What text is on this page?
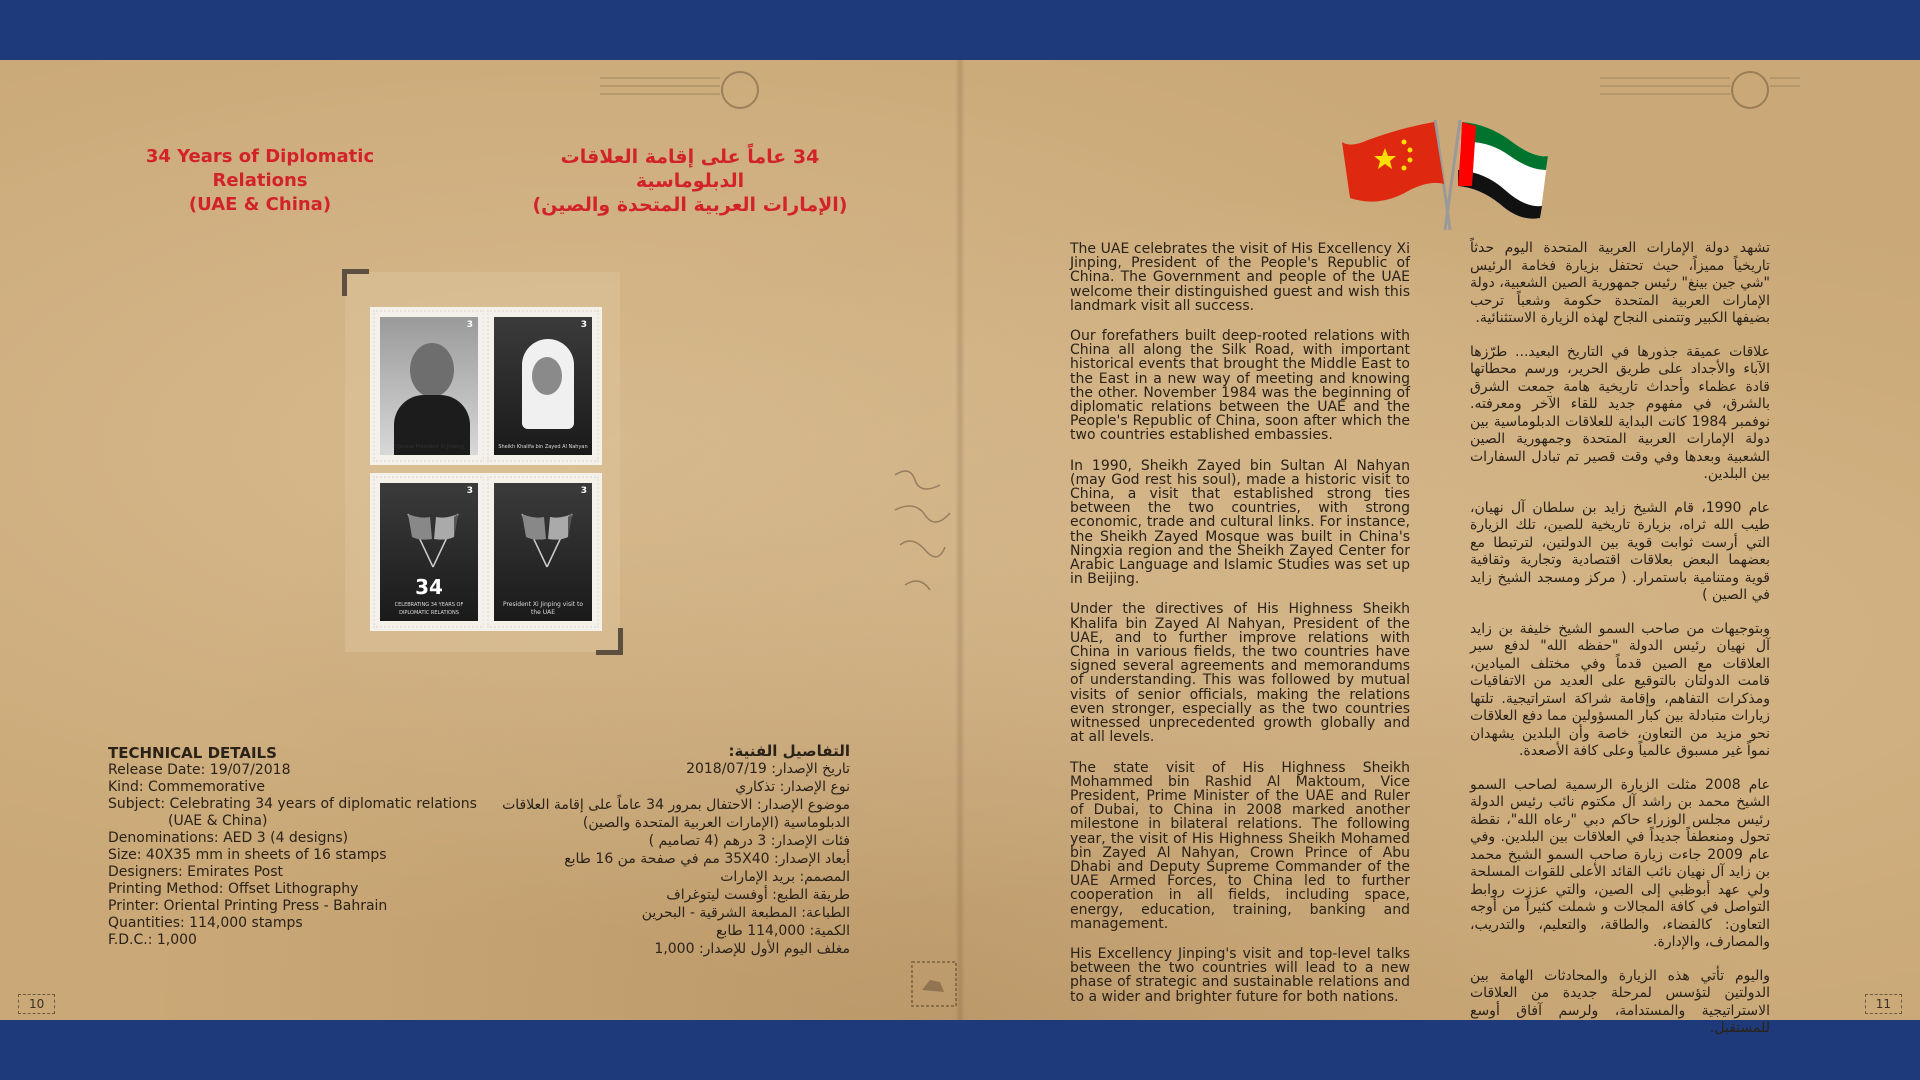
34 Years of Diplomatic Relations
(UAE & China)
34 عاماً على إقامة العلاقات الدبلوماسية
(الإمارات العربية المتحدة والصين)
3
Chinese President Xi Jinping
3
Sheikh Khalifa bin Zayed Al Nahyan
3
34
CELEBRATING 34 YEARS OF DIPLOMATIC RELATIONS
3
President Xi Jinping visit to the UAE
TECHNICAL DETAILS
Release Date: 19/07/2018
Kind: Commemorative
Subject: Celebrating 34 years of diplomatic relations
(UAE & China)
Denominations: AED 3 (4 designs)
Size: 40X35 mm in sheets of 16 stamps
Designers: Emirates Post
Printing Method: Offset Lithography
Printer: Oriental Printing Press - Bahrain
Quantities: 114,000 stamps
F.D.C.: 1,000
التفاصيل الفنية:
تاريخ الإصدار: 2018/07/19
نوع الإصدار: تذكاري
موضوع الإصدار: الاحتفال بمرور 34 عاماً على إقامة العلاقات الدبلوماسية (الإمارات العربية المتحدة والصين)
فئات الإصدار: 3 درهم (4 تصاميم )
أبعاد الإصدار: 35X40 مم في صفحة من 16 طابع
المصمم: بريد الإمارات
طريقة الطبع: أوفست ليتوغراف
الطباعة: المطبعة الشرقية - البحرين
الكمية: 114,000 طابع
مغلف اليوم الأول للإصدار: 1,000
10

The UAE celebrates the visit of His Excellency Xi Jinping, President of the People's Republic of China. The Government and people of the UAE welcome their distinguished guest and wish this landmark visit all success.

Our forefathers built deep-rooted relations with China all along the Silk Road, with important historical events that brought the Middle East to the East in a new way of meeting and knowing the other. November 1984 was the beginning of diplomatic relations between the UAE and the People's Republic of China, soon after which the two countries established embassies.

In 1990, Sheikh Zayed bin Sultan Al Nahyan (may God rest his soul), made a historic visit to China, a visit that established strong ties between the two countries, with strong economic, trade and cultural links. For instance, the Sheikh Zayed Mosque was built in China's Ningxia region and the Sheikh Zayed Center for Arabic Language and Islamic Studies was set up in Beijing.

Under the directives of His Highness Sheikh Khalifa bin Zayed Al Nahyan, President of the UAE, and to further improve relations with China in various fields, the two countries have signed several agreements and memorandums of understanding. This was followed by mutual visits of senior officials, making the relations even stronger, especially as the two countries witnessed unprecedented growth globally and at all levels.

The state visit of His Highness Sheikh Mohammed bin Rashid Al Maktoum, Vice President, Prime Minister of the UAE and Ruler of Dubai, to China in 2008 marked another milestone in bilateral relations. The following year, the visit of His Highness Sheikh Mohamed bin Zayed Al Nahyan, Crown Prince of Abu Dhabi and Deputy Supreme Commander of the UAE Armed Forces, to China led to further cooperation in all fields, including space, energy, education, training, banking and management.

His Excellency Jinping's visit and top-level talks between the two countries will lead to a new phase of strategic and sustainable relations and to a wider and brighter future for both nations.

تشهد دولة الإمارات العربية المتحدة اليوم حدثاً تاريخياً مميزاً، حيث تحتفل بزيارة فخامة الرئيس "شي جين بينغ" رئيس جمهورية الصين الشعبية، دولة الإمارات العربية المتحدة حكومة وشعباً ترحب بضيفها الكبير وتتمنى النجاح لهذه الزيارة الاستثنائية.

علاقات عميقة جذورها في التاريخ البعيد... طرّزها الآباء والأجداد على طريق الحرير، ورسم محطاتها قادة عظماء وأحداث تاريخية هامة جمعت الشرق بالشرق، في مفهوم جديد للقاء الآخر ومعرفته. نوفمبر 1984 كانت البداية للعلاقات الدبلوماسية بين دولة الإمارات العربية المتحدة وجمهورية الصين الشعبية وبعدها وفي وقت قصير تم تبادل السفارات بين البلدين.

عام 1990، قام الشيخ زايد بن سلطان آل نهيان، طيب الله ثراه، بزيارة تاريخية للصين، تلك الزيارة التي أرست ثوابت قوية بين الدولتين، لترتبطا مع بعضهما البعض بعلاقات اقتصادية وتجارية وثقافية قوية ومتنامية باستمرار. ( مركز ومسجد الشيخ زايد في الصين )

وبتوجيهات من صاحب السمو الشيخ خليفة بن زايد آل نهيان رئيس الدولة "حفظه الله" لدفع سير العلاقات مع الصين قدماً وفي مختلف الميادين، قامت الدولتان بالتوقيع على العديد من الاتفاقيات ومذكرات التفاهم، وإقامة شراكة استراتيجية. تلتها زيارات متبادلة بين كبار المسؤولين مما دفع العلاقات نحو مزيد من التعاون، خاصة وأن البلدين يشهدان نمواً غير مسبوق عالمياً وعلى كافة الأصعدة.

عام 2008 مثلت الزيارة الرسمية لصاحب السمو الشيخ محمد بن راشد آل مكتوم نائب رئيس الدولة رئيس مجلس الوزراء حاكم دبي "رعاه الله"، نقطة تحول ومنعطفاً جديداً في العلاقات بين البلدين. وفي عام 2009 جاءت زيارة صاحب السمو الشيخ محمد بن زايد آل نهيان نائب القائد الأعلى للقوات المسلحة ولي عهد أبوظبي إلى الصين، والتي عززت روابط التواصل في كافة المجالات و شملت كثيراً من أوجه التعاون: كالفضاء، والطاقة، والتعليم، والتدريب، والمصارف، والإدارة.

واليوم تأتي هذه الزيارة والمحادثات الهامة بين الدولتين لتؤسس لمرحلة جديدة من العلاقات الاستراتيجية والمستدامة، ولرسم آفاق أوسع للمستقبل.

11
